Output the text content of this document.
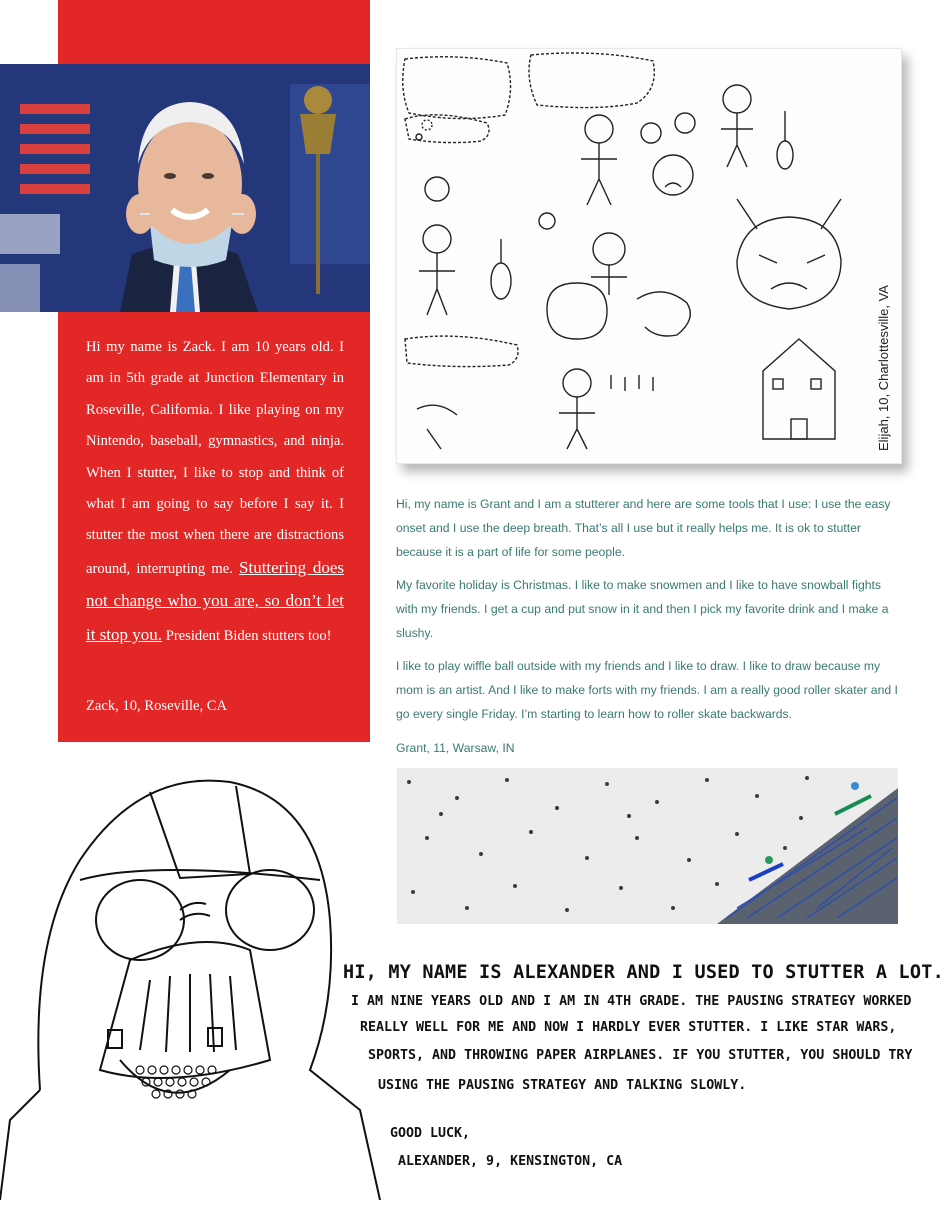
Hi my name is Zack. I am 10 years old. I am in 5th grade at Junction Elementary in Roseville, California. I like playing on my Nintendo, baseball, gymnastics, and ninja. When I stutter, I like to stop and think of what I am going to say before I say it. I stutter the most when there are distractions around, interrupting me. Stuttering does not change who you are, so don’t let it stop you. President Biden stutters too!

Zack, 10, Roseville, CA

Elijah, 10, Charlottesville, VA

Hi, my name is Grant and I am a stutterer and here are some tools that I use: I use the easy onset and I use the deep breath. That’s all I use but it really helps me. It is ok to stutter because it is a part of life for some people.

My favorite holiday is Christmas. I like to make snowmen and I like to have snowball fights with my friends. I get a cup and put snow in it and then I pick my favorite drink and I make a slushy.

I like to play wiffle ball outside with my friends and I like to draw. I like to draw because my mom is an artist. And I like to make forts with my friends. I am a really good roller skater and I go every single Friday. I’m starting to learn how to roller skate backwards.

Grant, 11, Warsaw, IN

HI, MY NAME IS ALEXANDER AND I USED TO STUTTER A LOT.
I AM NINE YEARS OLD AND I AM IN 4TH GRADE. THE PAUSING STRATEGY WORKED
REALLY WELL FOR ME AND NOW I HARDLY EVER STUTTER. I LIKE STAR WARS,
SPORTS, AND THROWING PAPER AIRPLANES. IF YOU STUTTER, YOU SHOULD TRY
USING THE PAUSING STRATEGY AND TALKING SLOWLY.
GOOD LUCK,
ALEXANDER, 9, KENSINGTON, CA
